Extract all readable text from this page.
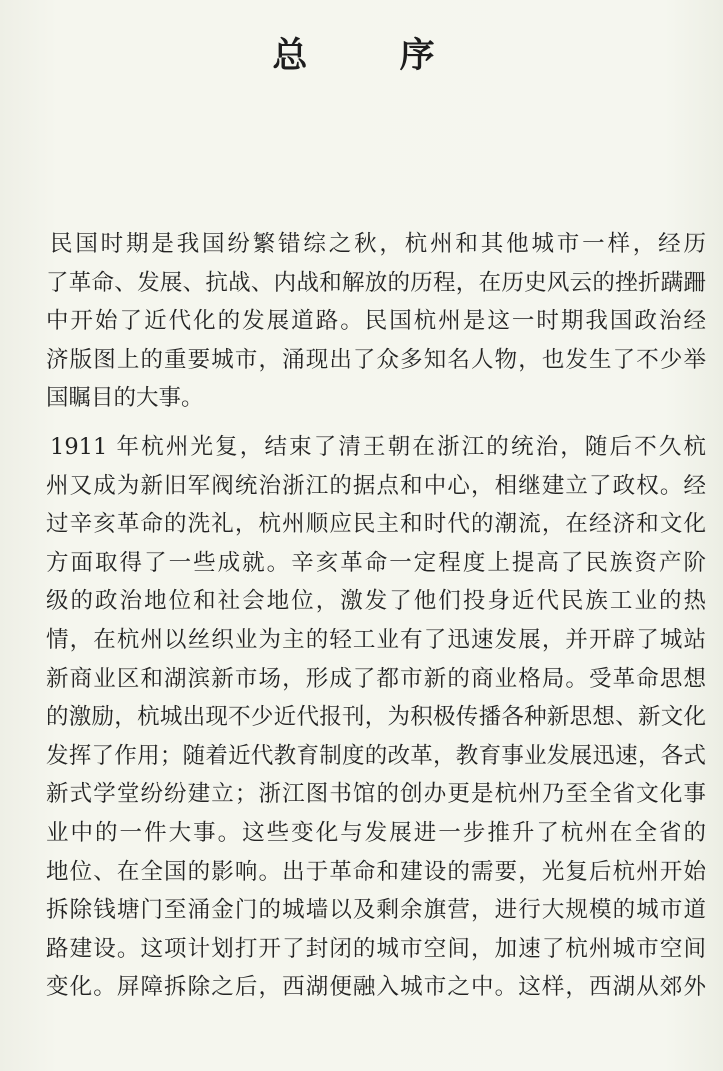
总 序
民国时期是我国纷繁错综之秋，杭州和其他城市一样，经历
了革命、发展、抗战、内战和解放的历程，在历史风云的挫折蹒跚
中开始了近代化的发展道路。民国杭州是这一时期我国政治经
济版图上的重要城市，涌现出了众多知名人物，也发生了不少举
国瞩目的大事。
1911 年杭州光复，结束了清王朝在浙江的统治，随后不久杭
州又成为新旧军阀统治浙江的据点和中心，相继建立了政权。经
过辛亥革命的洗礼，杭州顺应民主和时代的潮流，在经济和文化
方面取得了一些成就。辛亥革命一定程度上提高了民族资产阶
级的政治地位和社会地位，激发了他们投身近代民族工业的热
情，在杭州以丝织业为主的轻工业有了迅速发展，并开辟了城站
新商业区和湖滨新市场，形成了都市新的商业格局。受革命思想
的激励，杭城出现不少近代报刊，为积极传播各种新思想、新文化
发挥了作用；随着近代教育制度的改革，教育事业发展迅速，各式
新式学堂纷纷建立；浙江图书馆的创办更是杭州乃至全省文化事
业中的一件大事。这些变化与发展进一步推升了杭州在全省的
地位、在全国的影响。出于革命和建设的需要，光复后杭州开始
拆除钱塘门至涌金门的城墙以及剩余旗营，进行大规模的城市道
路建设。这项计划打开了封闭的城市空间，加速了杭州城市空间
变化。屏障拆除之后，西湖便融入城市之中。这样，西湖从郊外
